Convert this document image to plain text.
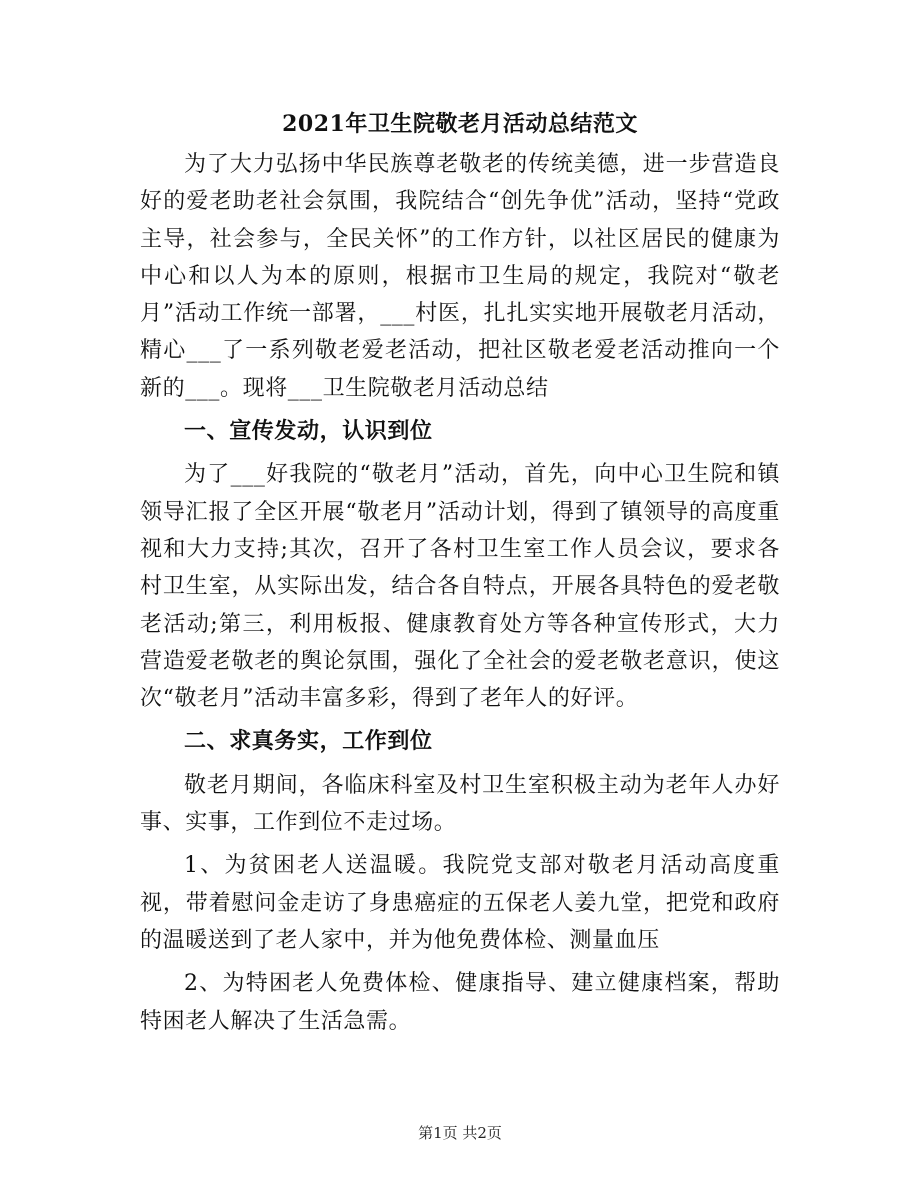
2021年卫生院敬老月活动总结范文
为了大力弘扬中华民族尊老敬老的传统美德，进一步营造良好的爱老助老社会氛围，我院结合“创先争优”活动，坚持“党政主导，社会参与，全民关怀”的工作方针，以社区居民的健康为中心和以人为本的原则，根据市卫生局的规定，我院对“敬老月”活动工作统一部署，___村医，扎扎实实地开展敬老月活动，精心___了一系列敬老爱老活动，把社区敬老爱老活动推向一个新的___。现将___卫生院敬老月活动总结
一、宣传发动，认识到位
为了___好我院的“敬老月”活动，首先，向中心卫生院和镇领导汇报了全区开展“敬老月”活动计划，得到了镇领导的高度重视和大力支持;其次，召开了各村卫生室工作人员会议，要求各村卫生室，从实际出发，结合各自特点，开展各具特色的爱老敬老活动;第三，利用板报、健康教育处方等各种宣传形式，大力营造爱老敬老的舆论氛围，强化了全社会的爱老敬老意识，使这次“敬老月”活动丰富多彩，得到了老年人的好评。
二、求真务实，工作到位
敬老月期间，各临床科室及村卫生室积极主动为老年人办好事、实事，工作到位不走过场。
1、为贫困老人送温暖。我院党支部对敬老月活动高度重视，带着慰问金走访了身患癌症的五保老人姜九堂，把党和政府的温暖送到了老人家中，并为他免费体检、测量血压
2、为特困老人免费体检、健康指导、建立健康档案，帮助特困老人解决了生活急需。
第1页 共2页
